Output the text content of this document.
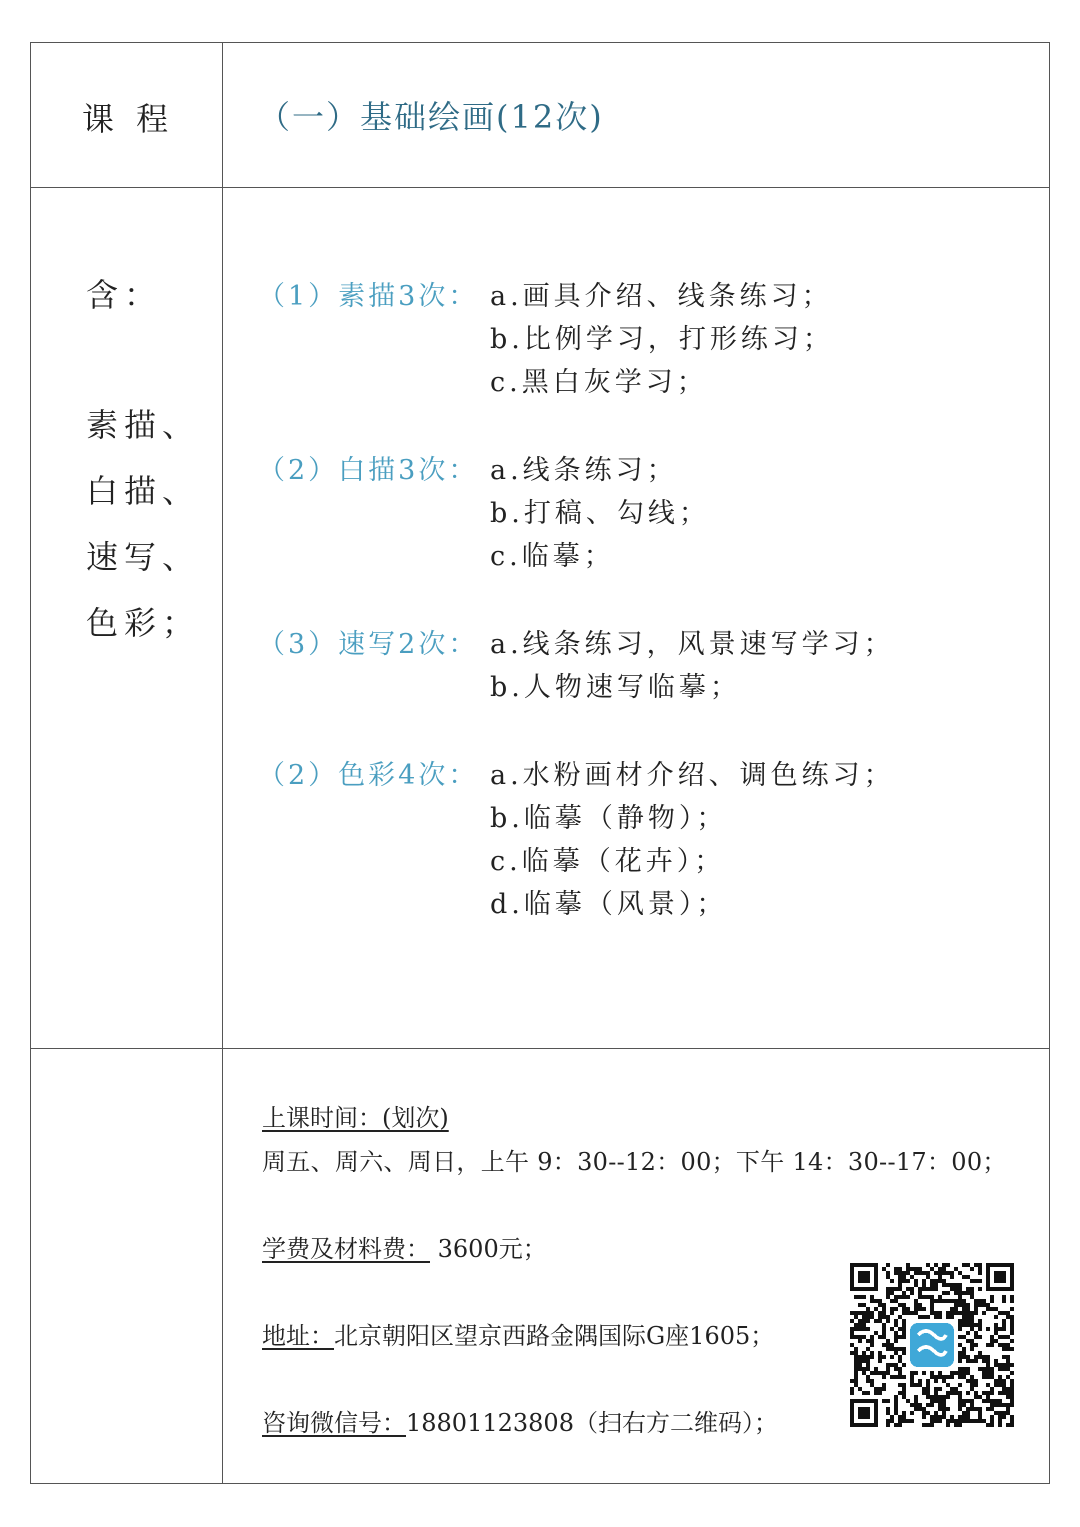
课 程
含：
素描、
白描、
速写、
色彩；
（一）基础绘画(12次)
（1）素描3次： a.画具介绍、线条练习；
b.比例学习，打形练习；
c.黑白灰学习；
（2）白描3次： a.线条练习；
b.打稿、勾线；
c.临摹；
（3）速写2次： a.线条练习，风景速写学习；
b.人物速写临摹；
（2）色彩4次： a.水粉画材介绍、调色练习；
b.临摹（静物）；
c.临摹（花卉）；
d.临摹（风景）；
上课时间：(划次)
周五、周六、周日，上午 9：30--12：00；下午 14：30--17：00；
学费及材料费： 3600元；
地址：北京朝阳区望京西路金隅国际G座1605；
咨询微信号：18801123808（扫右方二维码）；
